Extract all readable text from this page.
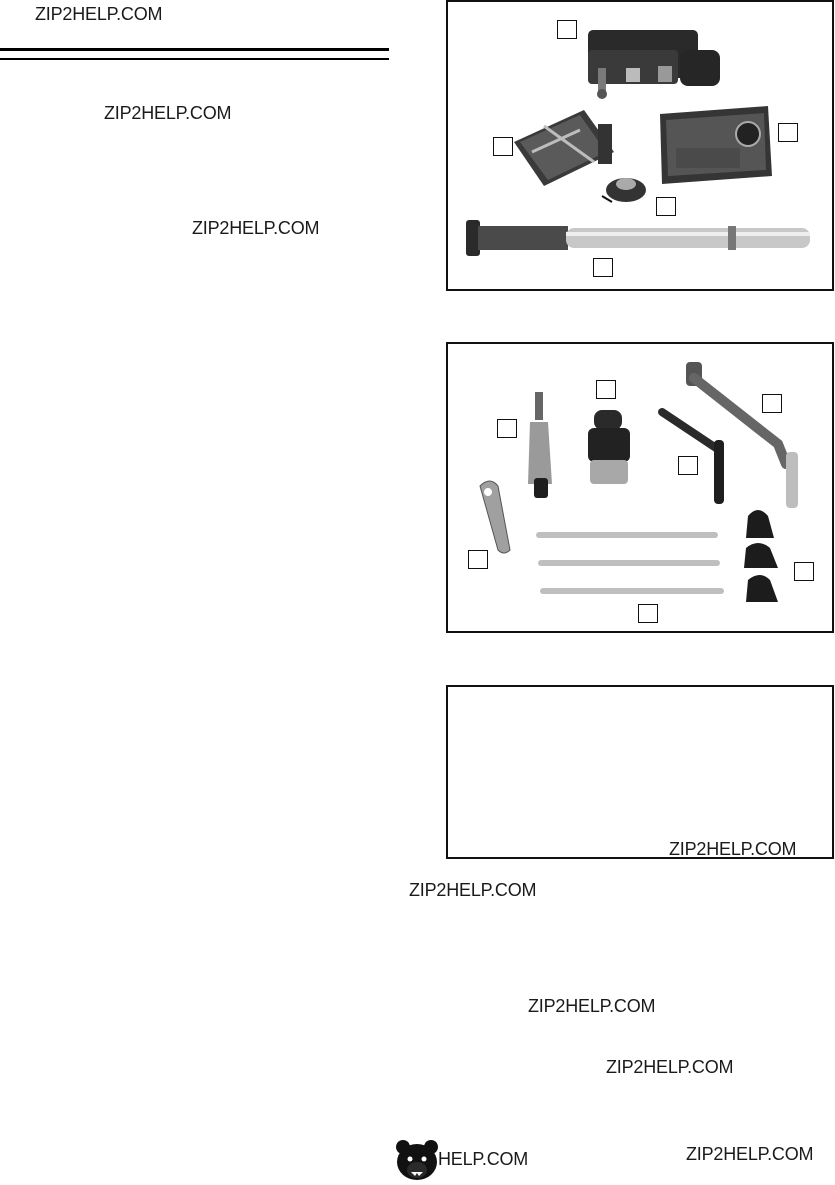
ZIP2HELP.COM
ZIP2HELP.COM
ZIP2HELP.COM
ZIP2HELP.COM
ZIP2HELP.COM
ZIP2HELP.COM
ZIP2HELP.COM
ZIP2HELP.COM
HELP.COM
